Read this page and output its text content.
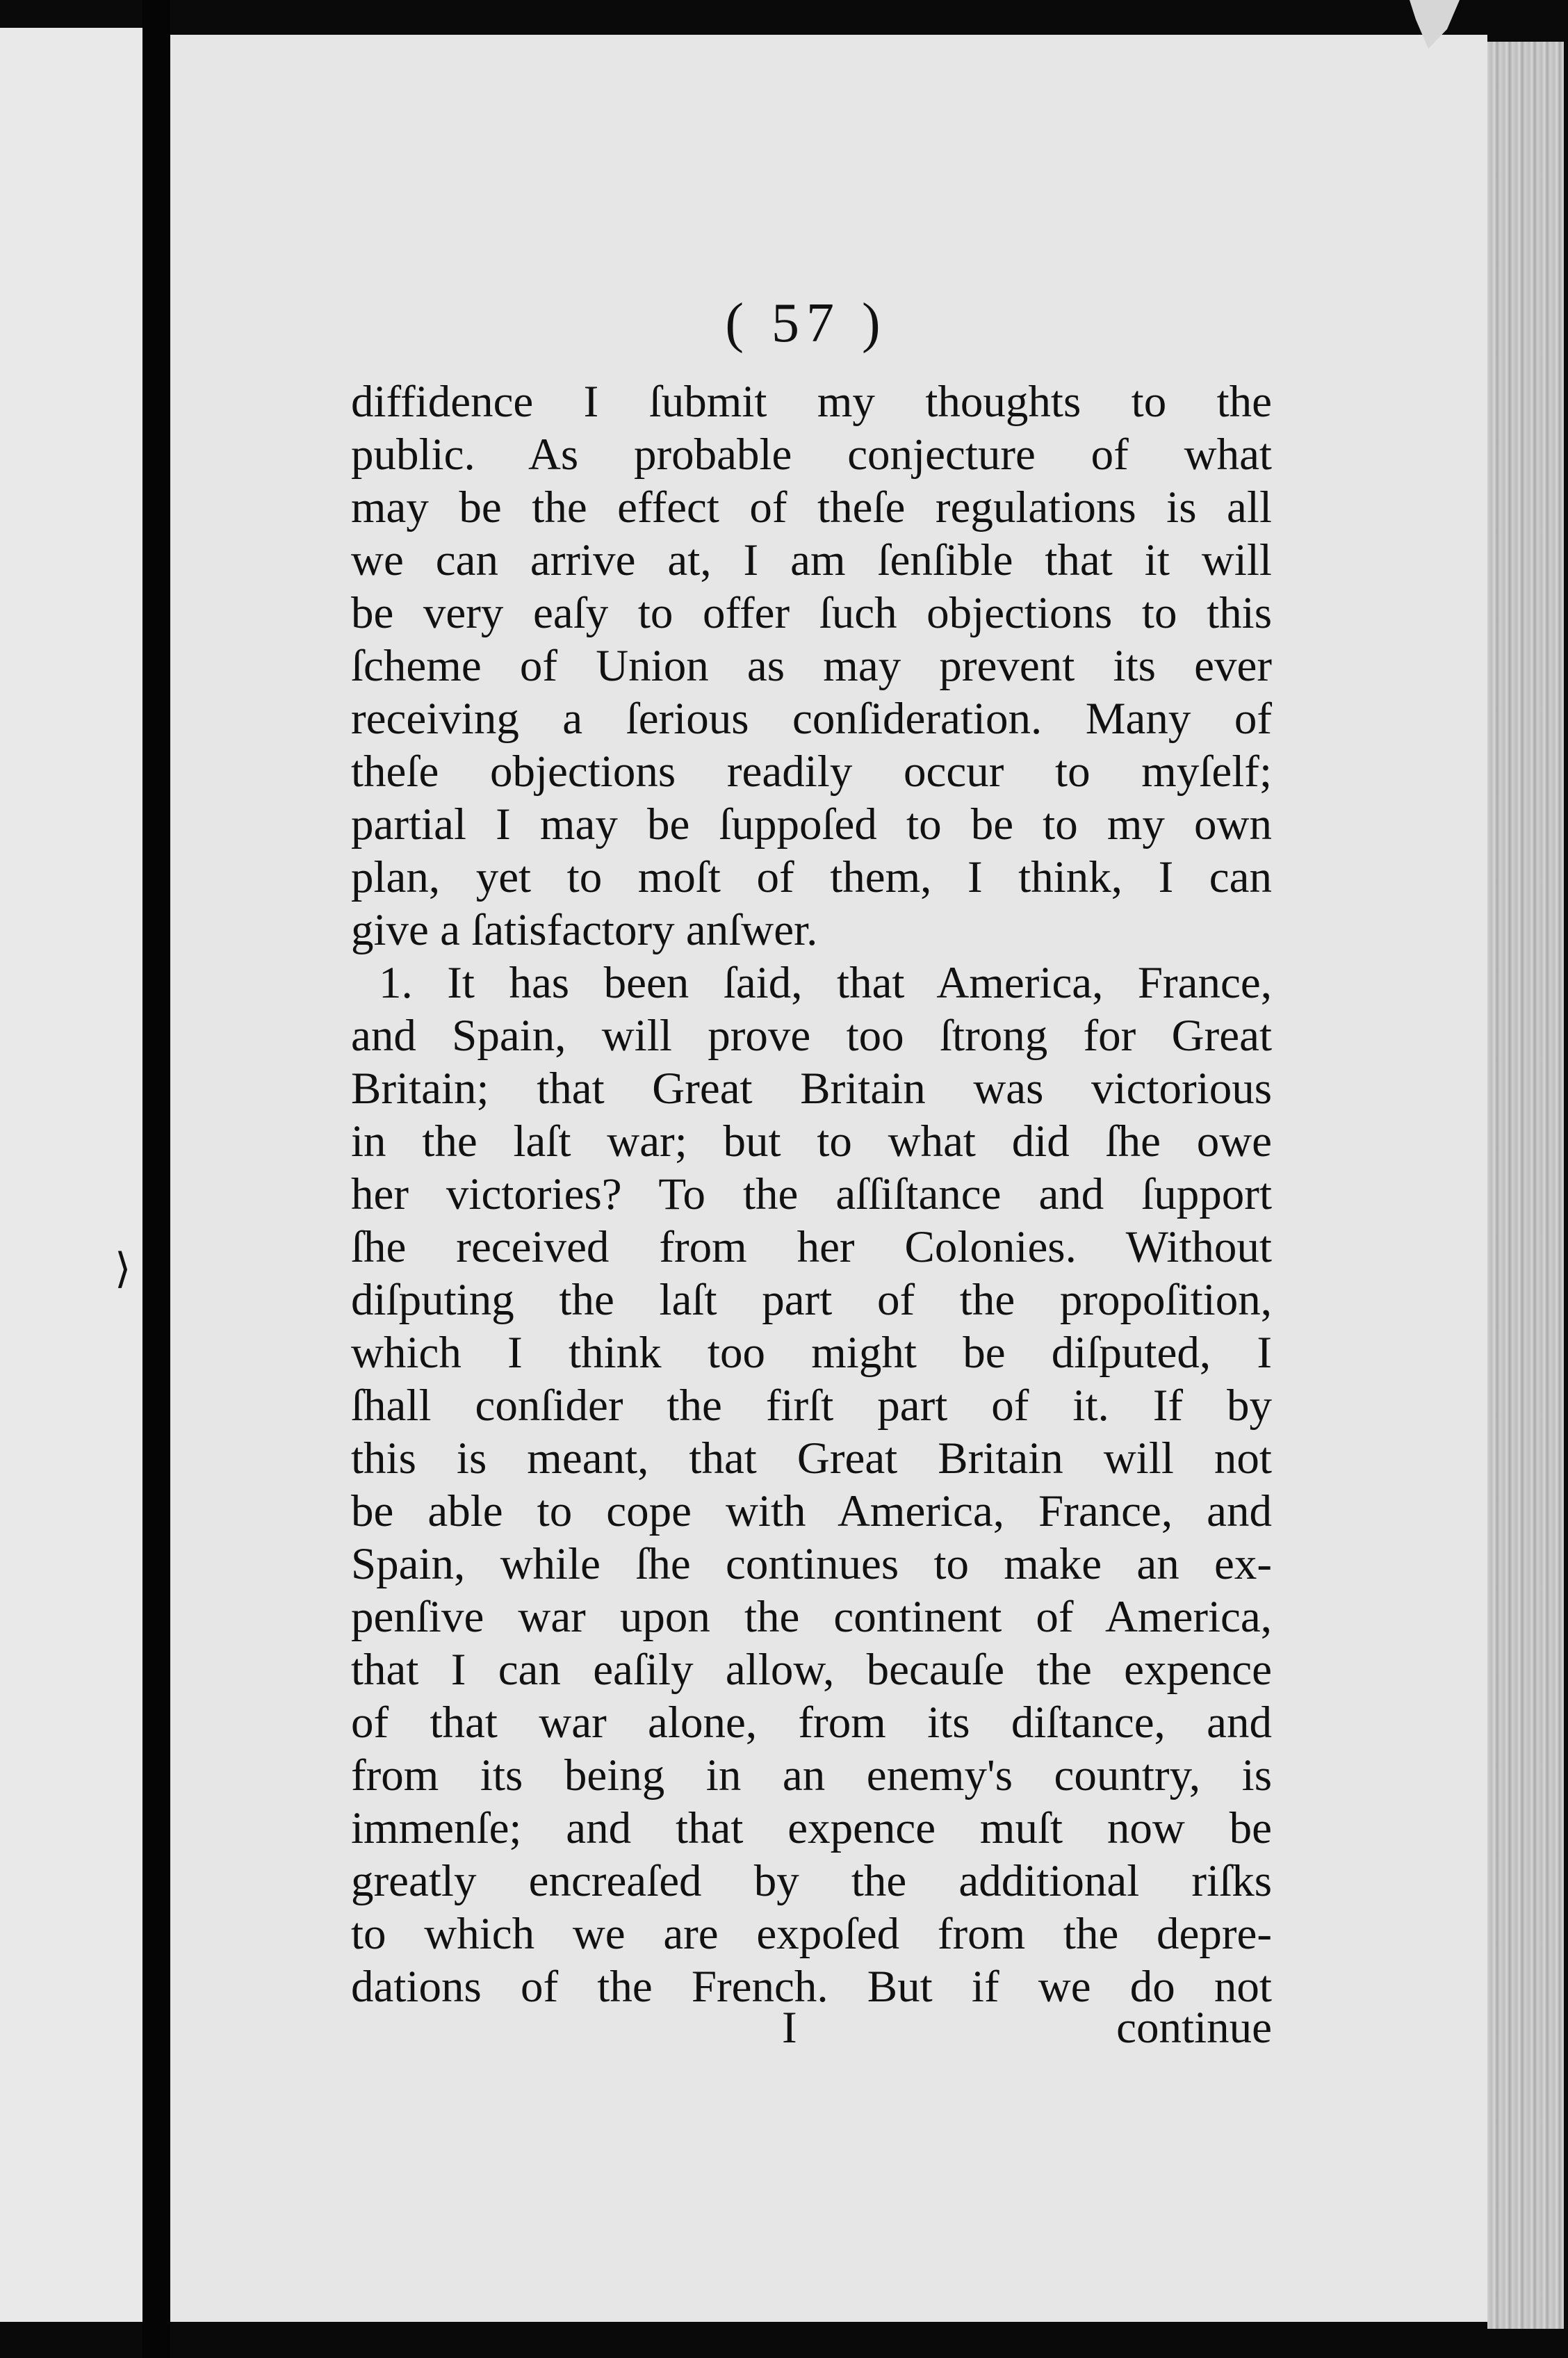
⟩
( 57 )
diffidence I ſubmit my thoughts to the
public. As probable conjecture of what
may be the effect of theſe regulations is all
we can arrive at, I am ſenſible that it will
be very eaſy to offer ſuch objections to this
ſcheme of Union as may prevent its ever
receiving a ſerious conſideration. Many of
theſe objections readily occur to myſelf;
partial I may be ſuppoſed to be to my own
plan, yet to moſt of them, I think, I can
give a ſatisfactory anſwer.
1. It has been ſaid, that America, France,
and Spain, will prove too ſtrong for Great
Britain; that Great Britain was victorious
in the laſt war; but to what did ſhe owe
her victories? To the aſſiſtance and ſupport
ſhe received from her Colonies. Without
diſputing the laſt part of the propoſition,
which I think too might be diſputed, I
ſhall conſider the firſt part of it. If by
this is meant, that Great Britain will not
be able to cope with America, France, and
Spain, while ſhe continues to make an ex-
penſive war upon the continent of America,
that I can eaſily allow, becauſe the expence
of that war alone, from its diſtance, and
from its being in an enemy's country, is
immenſe; and that expence muſt now be
greatly encreaſed by the additional riſks
to which we are expoſed from the depre-
dations of the French. But if we do not
I	continue
